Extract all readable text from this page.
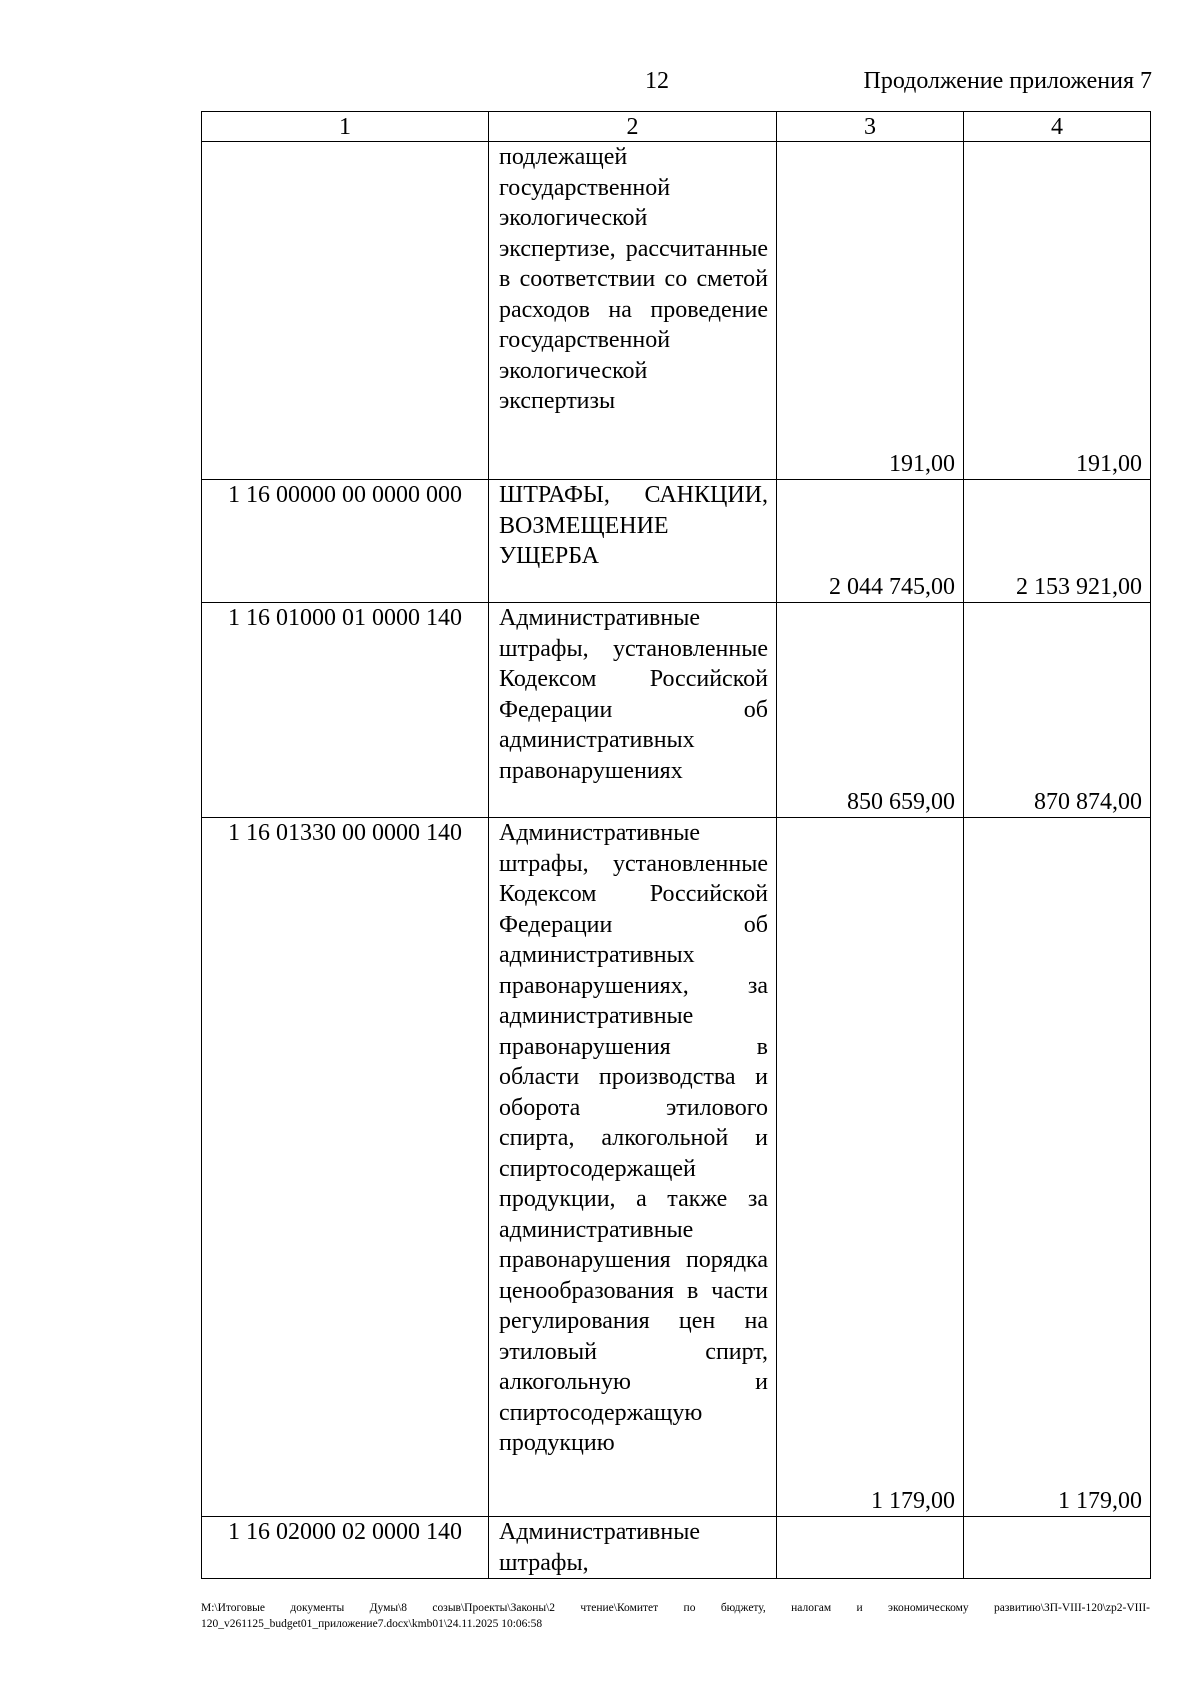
12	Продолжение приложения 7
1	2	3	4
	подлежащей государственной экологической экспертизе, рассчитанные в соответствии со сметой расходов на проведение государственной экологической экспертизы	191,00	191,00
1 16 00000 00 0000 000	ШТРАФЫ, САНКЦИИ, ВОЗМЕЩЕНИЕ УЩЕРБА	2 044 745,00	2 153 921,00
1 16 01000 01 0000 140	Административные штрафы, установленные Кодексом Российской Федерации об административных правонарушениях	850 659,00	870 874,00
1 16 01330 00 0000 140	Административные штрафы, установленные Кодексом Российской Федерации об административных правонарушениях, за административные правонарушения в области производства и оборота этилового спирта, алкогольной и спиртосодержащей продукции, а также за административные правонарушения порядка ценообразования в части регулирования цен на этиловый спирт, алкогольную и спиртосодержащую продукцию	1 179,00	1 179,00
1 16 02000 02 0000 140	Административные штрафы,		
M:\Итоговые документы Думы\8 созыв\Проекты\Законы\2 чтение\Комитет по бюджету, налогам и экономическому развитию\ЗП-VIII-120\zp2-VIII-120_v261125_budget01_приложение7.docx\kmb01\24.11.2025 10:06:58
